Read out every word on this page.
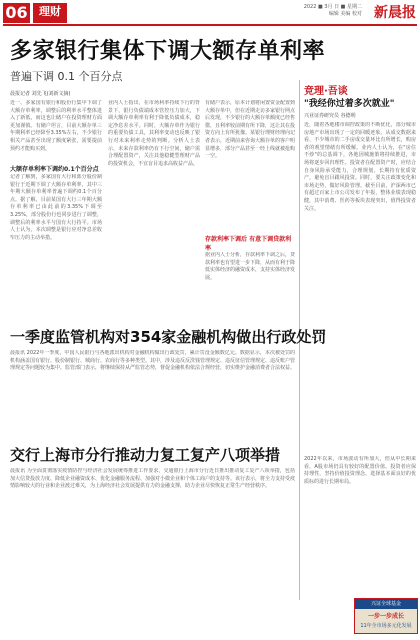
06	理财	2022 ■ 3月 日 ■ 星期二
编辑 美编 校对 新晨报
多家银行集体下调大额存单利率
普遍下调 0.1 个百分点
晨报记者 刘先飞(刘新文摘)
近一、多家国有银行和股份行集中下调了大额存单利率，调整后的利率水平整体进入了新低，而这也让储户在投资理财方面更加谨慎。有储户坦言，目前大额存单三年期利率已经降至3.35%左右，不少银行相关产品甚至出现了额度紧张，需要提前预约才能购买到。
大额存单利率下调约0.1个百分点
记者了解到，多家国有大行和部分股份制银行于近期下调了大额存单利率，其中三年期大额存单利率普遍下调约0.1个百分点。据了解，目前某国有大行三年期大额存单利率已由此前的3.35%下调至3.25%，部分股份行也同步进行了调整，调整后的利率水平与国有大行持平。市场人士认为，本次调整是银行应对净息差收窄压力的主动举措。
业内人士指出，在市场利率持续下行的背景下，银行负债端成本管控压力加大，下调大额存单利率有利于降低负债成本，稳定净息差水平。同时，大额存单作为银行的重要负债工具，其利率变动也反映了银行对未来利率走势的判断。分析人士表示，未来存款利率仍有下行空间，储户需合理配置资产，关注其他稳健型理财产品的投资机会，不宜盲目追求高收益产品。
有储户表示，原本计划将闲置资金配置到大额存单中，但在近期走访多家银行网点后发现，不少银行的大额存单额度已经售罄，且利率较前期有所下降，这让其在投资方向上有所犹豫。某银行理财经理向记者表示，近期前来咨询大额存单的客户明显增多，部分产品甚至一经上线就被抢购一空。
存款利率下调后 有意下调贷款利率
据业内人士分析，存款利率下调之后，贷款利率也有望进一步下降，从而有利于降低实体经济的融资成本，支持实体经济发展。
竞理·吾谈
"我经你过着多次就业"
兴业证券研究员 谷德明
近，随着各地楼市调控政策的不断优化，部分城市房地产市场出现了一定的回暖迹象。从成交数据来看，不少城市的二手房成交量环比有所增长，购房者的观望情绪有所缓解。业内人士认为，在"房住不炒"的总基调下，各地因城施策将持续推进，市场将逐步回归理性。投资者在配置资产时，应结合自身风险承受能力，合理规划，长期持有优质资产，避免盲目跟风投资。同时，要关注政策变化和市场走势，做好风险管理。截至目前，沪深两市已有超过百家上市公司发布了年报，整体业绩表现稳健，其中消费、医药等板块表现突出，值得投资者关注。
2022年以来，市场波动有所加大，但从中长期来看，A股市场仍具有较好的配置价值。投资者应保持理性，坚持价值投资理念，选择基本面良好的优质标的进行长期布局。
一季度监管机构对354家金融机构做出行政处罚
晨报讯 2022年一季度，中国人民银行与各地派出机构对金融机构做出行政处罚，累计罚没金额数亿元。数据显示，本次被处罚的机构涵盖国有银行、股份制银行、城商行、农商行等多种类型。其中，涉及违反反洗钱管理规定、违反征信管理规定、违反账户管理规定等问题较为集中。监管部门表示，将继续保持从严监管态势，督促金融机构依法合规经营，切实维护金融消费者合法权益。
交行上海市分行推动力复工复产八项举措
晨报讯 为全面贯彻落实疫情防控与经济社会发展统筹推进工作要求，交通银行上海市分行近日推出推动复工复产八项举措，包括加大信贷投放力度、降低企业融资成本、优化金融服务流程、加强对小微企业和个体工商户的支持等。该行表示，将全力支持受疫情影响较大的行业和企业渡过难关，为上海经济社会发展提供有力的金融支撑，助力企业尽快恢复正常生产经营秩序。
兴证全球基金
一步一步成长
11年全市场多元化发展
